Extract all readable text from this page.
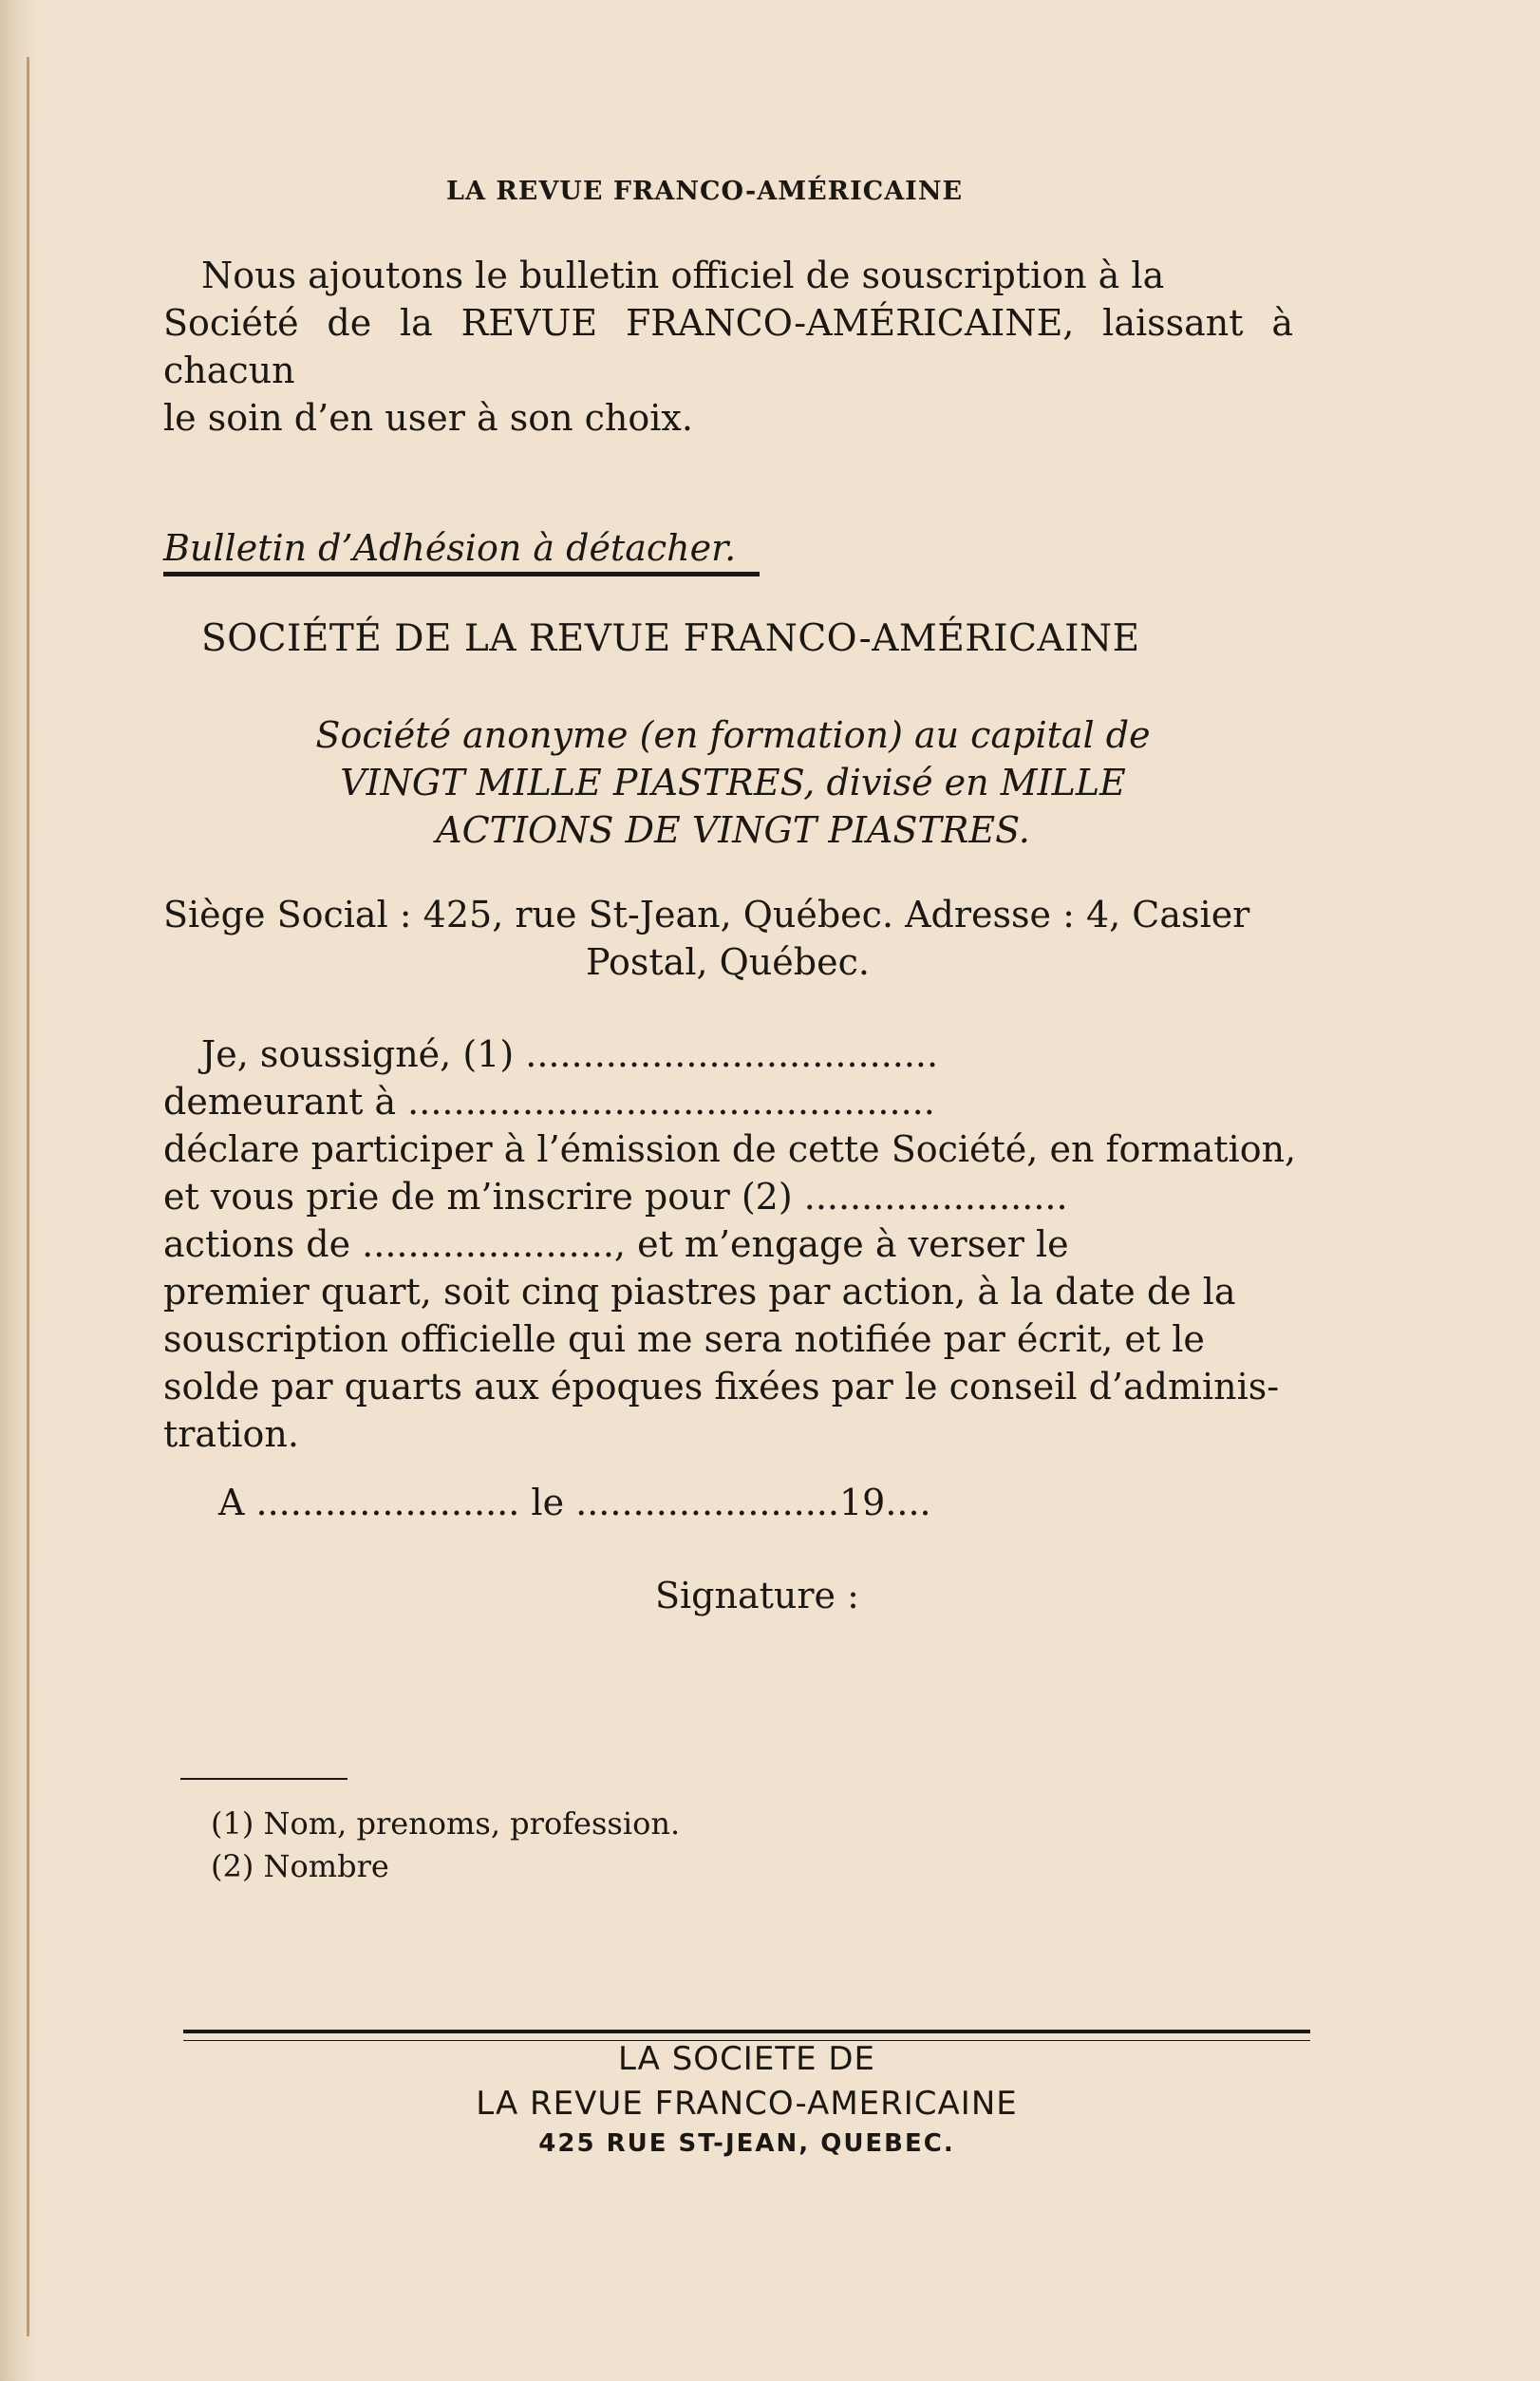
LA REVUE FRANCO-AMÉRICAINE
Nous ajoutons le bulletin officiel de souscription à la
Société de la REVUE FRANCO-AMÉRICAINE, laissant à chacun
le soin d’en user à son choix.
Bulletin d’Adhésion à détacher.
SOCIÉTÉ DE LA REVUE FRANCO-AMÉRICAINE
Société anonyme (en formation) au capital de
VINGT MILLE PIASTRES, divisé en MILLE
ACTIONS DE VINGT PIASTRES.
Siège Social : 425, rue St-Jean, Québec. Adresse : 4, Casier
Postal, Québec.
Je, soussigné, (1) ....................................
demeurant à ..............................................
déclare participer à l’émission de cette Société, en formation,
et vous prie de m’inscrire pour (2) .......................
actions de ......................, et m’engage à verser le
premier quart, soit cinq piastres par action, à la date de la
souscription officielle qui me sera notifiée par écrit, et le
solde par quarts aux époques fixées par le conseil d’adminis-
tration.
A ....................... le .......................19....
Signature :
(1) Nom, prenoms, profession.
(2) Nombre
LA SOCIETE DE
LA REVUE FRANCO-AMERICAINE
425 RUE ST-JEAN, QUEBEC.
